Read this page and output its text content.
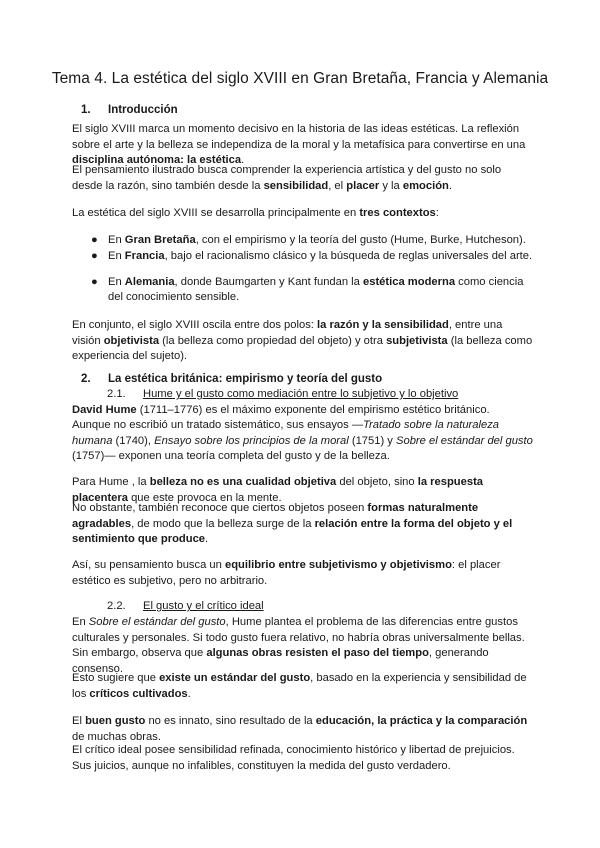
Tema 4. La estética del siglo XVIII en Gran Bretaña, Francia y Alemania
1. Introducción

El siglo XVIII marca un momento decisivo en la historia de las ideas estéticas. La reflexión sobre el arte y la belleza se independiza de la moral y la metafísica para convertirse en una disciplina autónoma: la estética.

El pensamiento ilustrado busca comprender la experiencia artística y del gusto no solo desde la razón, sino también desde la sensibilidad, el placer y la emoción.

La estética del siglo XVIII se desarrolla principalmente en tres contextos:

● En Gran Bretaña, con el empirismo y la teoría del gusto (Hume, Burke, Hutcheson).
● En Francia, bajo el racionalismo clásico y la búsqueda de reglas universales del arte.
● En Alemania, donde Baumgarten y Kant fundan la estética moderna como ciencia del conocimiento sensible.

En conjunto, el siglo XVIII oscila entre dos polos: la razón y la sensibilidad, entre una visión objetivista (la belleza como propiedad del objeto) y otra subjetivista (la belleza como experiencia del sujeto).

2. La estética británica: empirismo y teoría del gusto
2.1. Hume y el gusto como mediación entre lo subjetivo y lo objetivo

David Hume (1711–1776) es el máximo exponente del empirismo estético británico.

Aunque no escribió un tratado sistemático, sus ensayos —Tratado sobre la naturaleza humana (1740), Ensayo sobre los principios de la moral (1751) y Sobre el estándar del gusto (1757)— exponen una teoría completa del gusto y de la belleza.

Para Hume , la belleza no es una cualidad objetiva del objeto, sino la respuesta placentera que este provoca en la mente.

No obstante, también reconoce que ciertos objetos poseen formas naturalmente agradables, de modo que la belleza surge de la relación entre la forma del objeto y el sentimiento que produce.

Así, su pensamiento busca un equilibrio entre subjetivismo y objetivismo: el placer estético es subjetivo, pero no arbitrario.

2.2. El gusto y el crítico ideal

En Sobre el estándar del gusto, Hume plantea el problema de las diferencias entre gustos culturales y personales. Si todo gusto fuera relativo, no habría obras universalmente bellas. Sin embargo, observa que algunas obras resisten el paso del tiempo, generando consenso.

Esto sugiere que existe un estándar del gusto, basado en la experiencia y sensibilidad de los críticos cultivados.

El buen gusto no es innato, sino resultado de la educación, la práctica y la comparación de muchas obras.

El crítico ideal posee sensibilidad refinada, conocimiento histórico y libertad de prejuicios. Sus juicios, aunque no infalibles, constituyen la medida del gusto verdadero.
